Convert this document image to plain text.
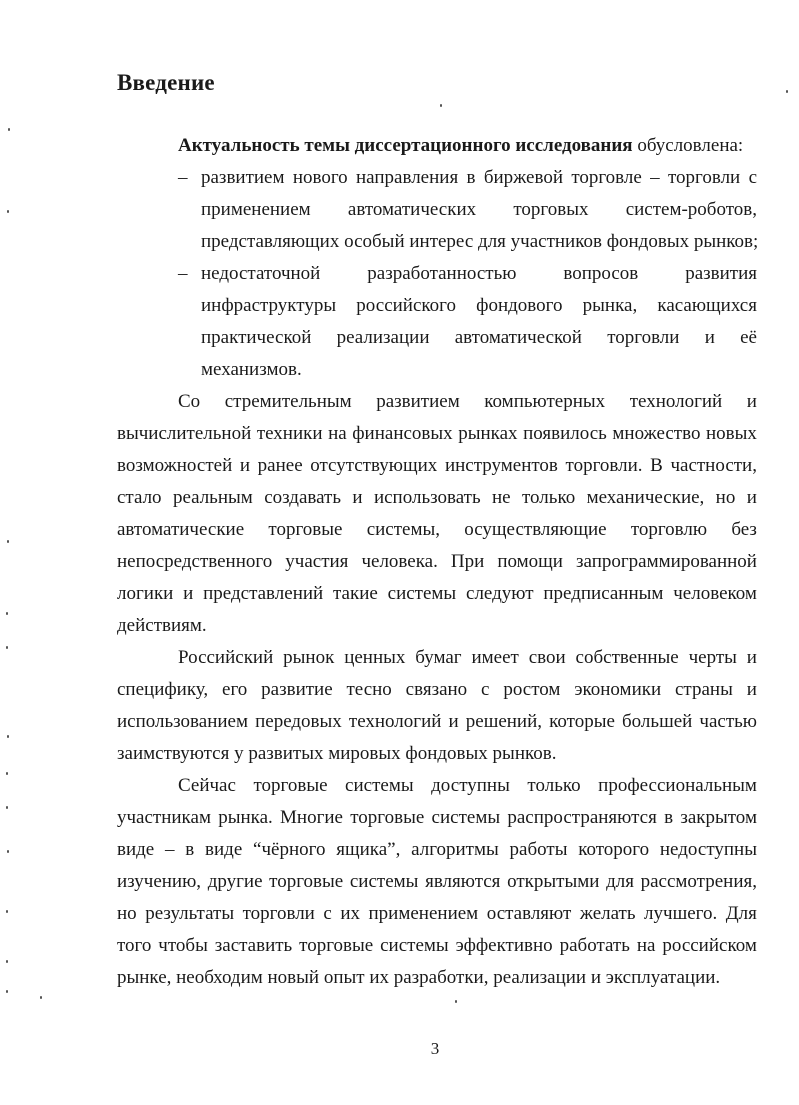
Введение
Актуальность темы диссертационного исследования обусловлена:
– развитием нового направления в биржевой торговле – торговли с
применением автоматических торговых систем-роботов,
представляющих особый интерес для участников фондовых рынков;
– недостаточной разработанностью вопросов развития
инфраструктуры российского фондового рынка, касающихся
практической реализации автоматической торговли и её
механизмов.
Со стремительным развитием компьютерных технологий и
вычислительной техники на финансовых рынках появилось множество новых
возможностей и ранее отсутствующих инструментов торговли. В частности,
стало реальным создавать и использовать не только механические, но и
автоматические торговые системы, осуществляющие торговлю без
непосредственного участия человека. При помощи запрограммированной
логики и представлений такие системы следуют предписанным человеком
действиям.
Российский рынок ценных бумаг имеет свои собственные черты и
специфику, его развитие тесно связано с ростом экономики страны и
использованием передовых технологий и решений, которые большей частью
заимствуются у развитых мировых фондовых рынков.
Сейчас торговые системы доступны только профессиональным
участникам рынка. Многие торговые системы распространяются в закрытом
виде – в виде “чёрного ящика”, алгоритмы работы которого недоступны
изучению, другие торговые системы являются открытыми для рассмотрения,
но результаты торговли с их применением оставляют желать лучшего. Для
того чтобы заставить торговые системы эффективно работать на российском
рынке, необходим новый опыт их разработки, реализации и эксплуатации.
3
